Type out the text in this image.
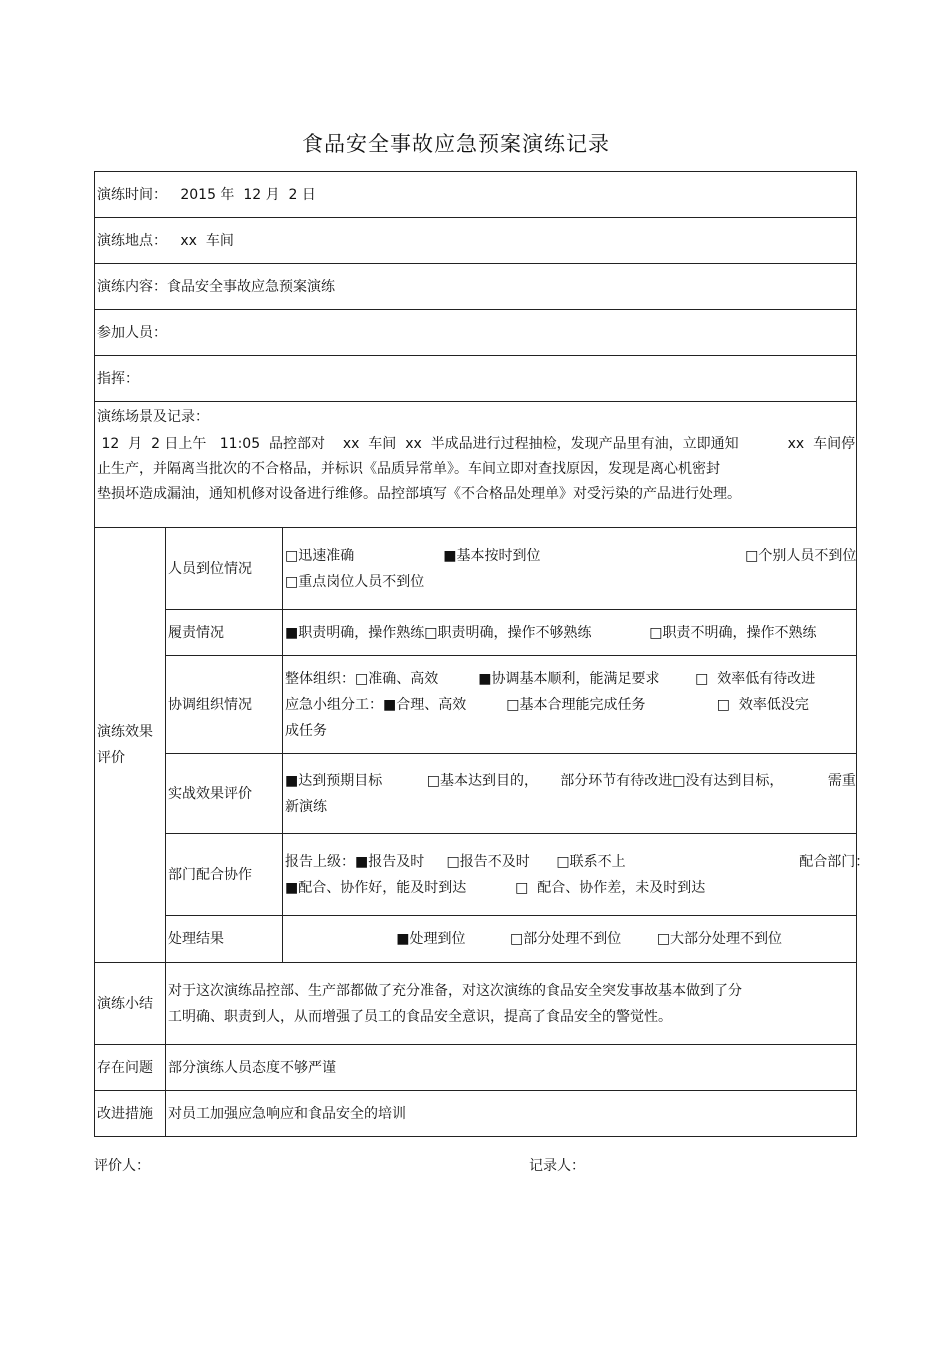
食品安全事故应急预案演练记录
演练时间：   2015 年  12 月  2 日		
演练地点：   xx  车间		
演练内容：食品安全事故应急预案演练		
参加人员：		
指挥：		

演练场景及记录：
12  月  2 日上午   11:05  品控部对    xx  车间  xx  半成品进行过程抽检，发现产品里有油，立即通知           xx  车间停
止生产，并隔离当批次的不合格品，并标识《品质异常单》。车间立即对查找原因，发现是离心机密封
垫损坏造成漏油，通知机修对设备进行维修。品控部填写《不合格品处理单》对受污染的产品进行处理。		

演练效果评价	人员到位情况	□迅速准确                    ■基本按时到位                                              □个别人员不到位
□重点岗位人员不到位

	履责情况	■职责明确，操作熟练□职责明确，操作不够熟练             □职责不明确，操作不熟练

	协调组织情况	整体组织：□准确、高效         ■协调基本顺利，能满足要求        □  效率低有待改进
应急小组分工：■合理、高效         □基本合理能完成任务                □  效率低没完
成任务

	实战效果评价	■达到预期目标          □基本达到目的，     部分环节有待改进□没有达到目标，          需重
新演练

	部门配合协作	报告上级：■报告及时     □报告不及时      □联系不上                                       配合部门：
■配合、协作好，能及时到达           □  配合、协作差，未及时到达

	处理结果	■处理到位          □部分处理不到位        □大部分处理不到位

演练小结	对于这次演练品控部、生产部都做了充分准备，对这次演练的食品安全突发事故基本做到了分
工明确、职责到人，从而增强了员工的食品安全意识，提高了食品安全的警觉性。	

存在问题	部分演练人员态度不够严谨	
改进措施	对员工加强应急响应和食品安全的培训	
评价人：	记录人：
